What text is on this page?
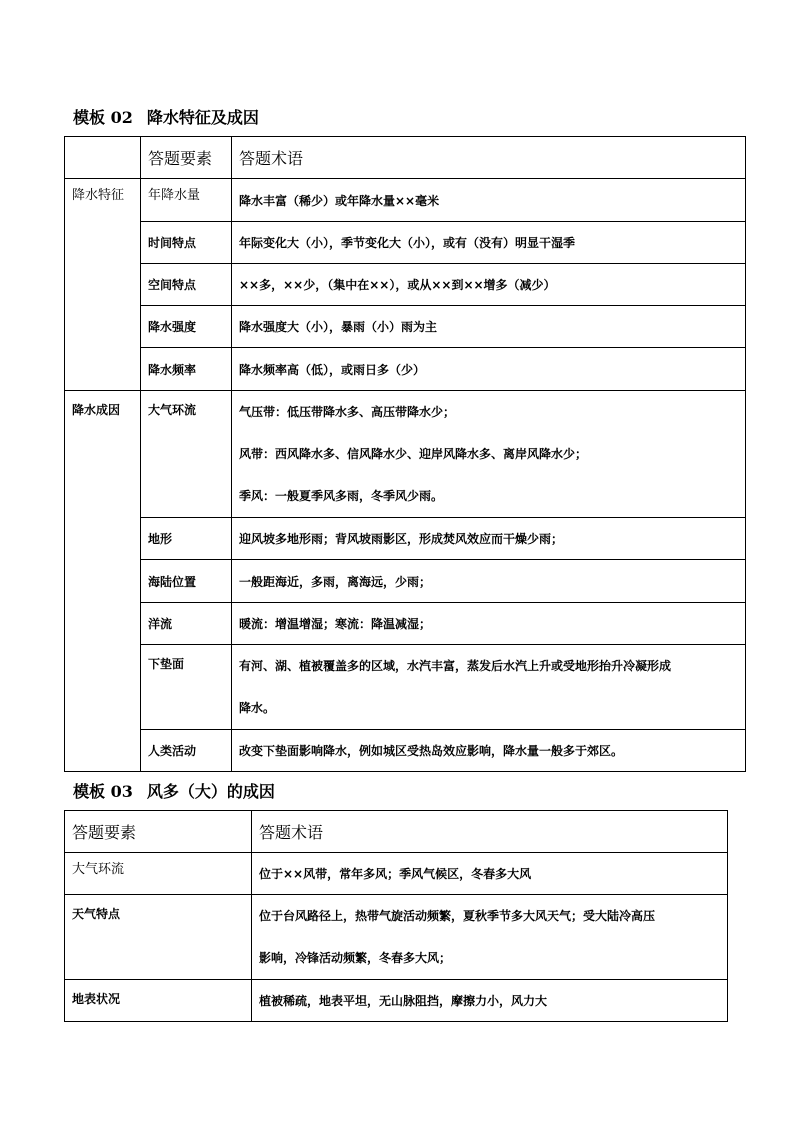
模板 02 降水特征及成因

	答题要素	答题术语

降水特征	年降水量	降水丰富（稀少）或年降水量××毫米

	时间特点	年际变化大（小），季节变化大（小），或有（没有）明显干湿季

	空间特点	××多，××少，（集中在××），或从××到××增多（减少）

	降水强度	降水强度大（小），暴雨（小）雨为主

	降水频率	降水频率高（低），或雨日多（少）

降水成因	大气环流	气压带：低压带降水多、高压带降水少；
风带：西风降水多、信风降水少、迎岸风降水多、离岸风降水少；
季风：一般夏季风多雨，冬季风少雨。

	地形	迎风坡多地形雨；背风坡雨影区，形成焚风效应而干燥少雨；

	海陆位置	一般距海近，多雨，离海远，少雨；

	洋流	暖流：增温增湿；寒流：降温减湿；

	下垫面	有河、湖、植被覆盖多的区域，水汽丰富，蒸发后水汽上升或受地形抬升冷凝形成
降水。

	人类活动	改变下垫面影响降水，例如城区受热岛效应影响，降水量一般多于郊区。
模板 03 风多（大）的成因
答题要素	答题术语

大气环流	位于××风带，常年多风；季风气候区，冬春多大风

天气特点	位于台风路径上，热带气旋活动频繁，夏秋季节多大风天气；受大陆冷高压
影响，冷锋活动频繁，冬春多大风；

地表状况	植被稀疏，地表平坦，无山脉阻挡，摩擦力小，风力大
